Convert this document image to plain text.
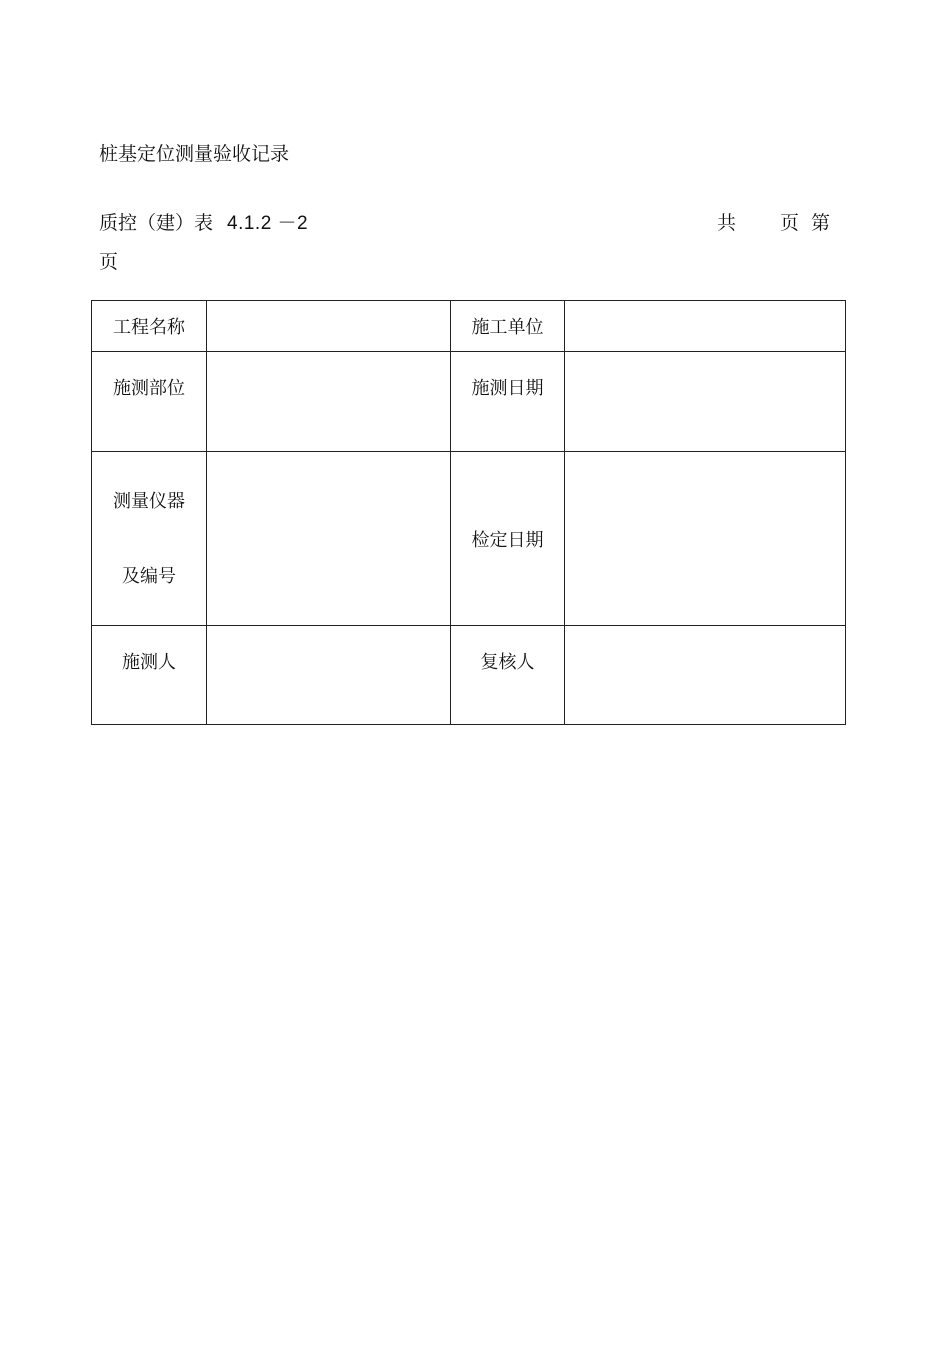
桩基定位测量验收记录
质控（建）表 4.1.2 －2	共 页 第
页
工程名称		施工单位	
施测部位		施测日期	

测量仪器
及编号		检定日期	
施测人		复核人	
